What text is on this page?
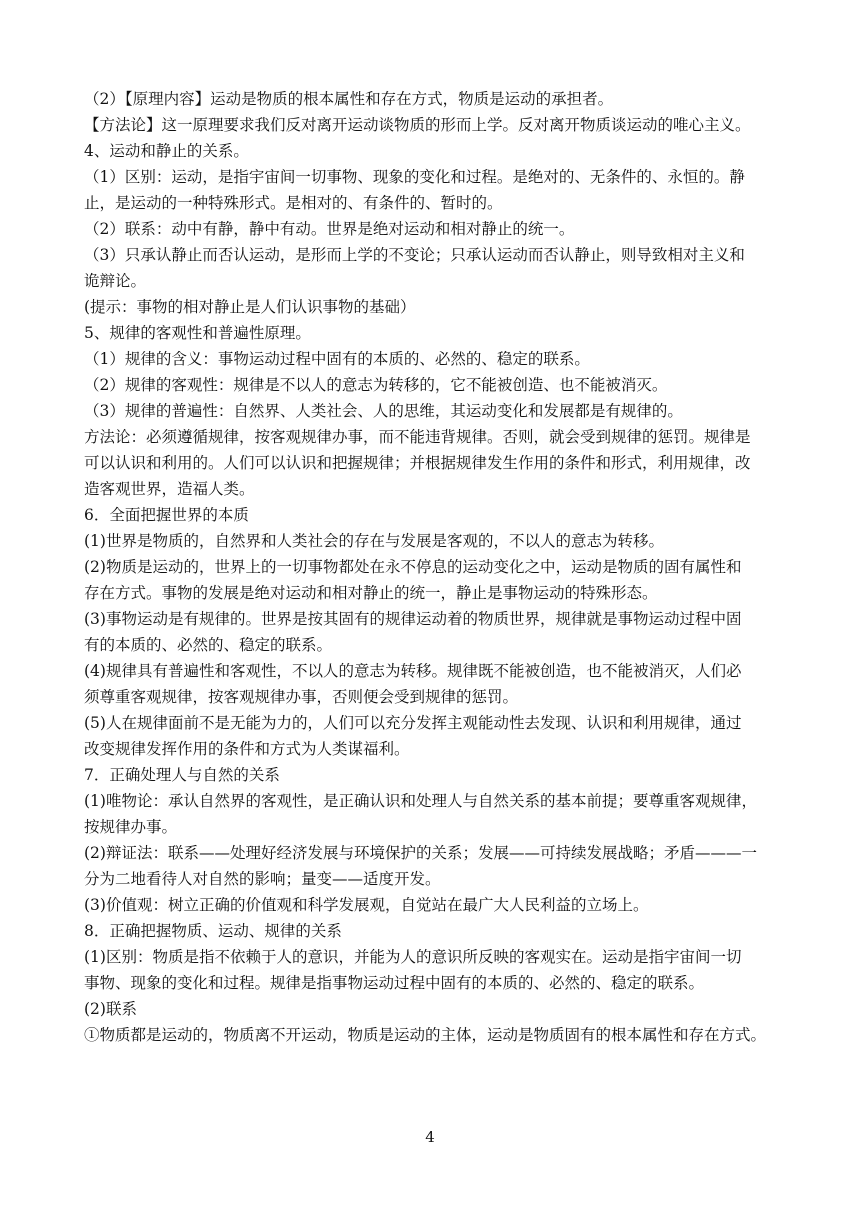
（2）【原理内容】运动是物质的根本属性和存在方式，物质是运动的承担者。
【方法论】这一原理要求我们反对离开运动谈物质的形而上学。反对离开物质谈运动的唯心主义。
4、运动和静止的关系。
（1）区别：运动，是指宇宙间一切事物、现象的变化和过程。是绝对的、无条件的、永恒的。静
止，是运动的一种特殊形式。是相对的、有条件的、暂时的。
（2）联系：动中有静，静中有动。世界是绝对运动和相对静止的统一。
（3）只承认静止而否认运动，是形而上学的不变论；只承认运动而否认静止，则导致相对主义和
诡辩论。
(提示：事物的相对静止是人们认识事物的基础）
5、规律的客观性和普遍性原理。
（1）规律的含义：事物运动过程中固有的本质的、必然的、稳定的联系。
（2）规律的客观性：规律是不以人的意志为转移的，它不能被创造、也不能被消灭。
（3）规律的普遍性：自然界、人类社会、人的思维，其运动变化和发展都是有规律的。
方法论：必须遵循规律，按客观规律办事，而不能违背规律。否则，就会受到规律的惩罚。规律是
可以认识和利用的。人们可以认识和把握规律；并根据规律发生作用的条件和形式，利用规律，改
造客观世界，造福人类。
6．全面把握世界的本质
(1)世界是物质的，自然界和人类社会的存在与发展是客观的，不以人的意志为转移。
(2)物质是运动的，世界上的一切事物都处在永不停息的运动变化之中，运动是物质的固有属性和
存在方式。事物的发展是绝对运动和相对静止的统一，静止是事物运动的特殊形态。
(3)事物运动是有规律的。世界是按其固有的规律运动着的物质世界，规律就是事物运动过程中固
有的本质的、必然的、稳定的联系。
(4)规律具有普遍性和客观性，不以人的意志为转移。规律既不能被创造，也不能被消灭，人们必
须尊重客观规律，按客观规律办事，否则便会受到规律的惩罚。
(5)人在规律面前不是无能为力的，人们可以充分发挥主观能动性去发现、认识和利用规律，通过
改变规律发挥作用的条件和方式为人类谋福利。
7．正确处理人与自然的关系
(1)唯物论：承认自然界的客观性，是正确认识和处理人与自然关系的基本前提；要尊重客观规律，
按规律办事。
(2)辩证法：联系——处理好经济发展与环境保护的关系；发展——可持续发展战略；矛盾———一
分为二地看待人对自然的影响；量变——适度开发。
(3)价值观：树立正确的价值观和科学发展观，自觉站在最广大人民利益的立场上。
8．正确把握物质、运动、规律的关系
(1)区别：物质是指不依赖于人的意识，并能为人的意识所反映的客观实在。运动是指宇宙间一切
事物、现象的变化和过程。规律是指事物运动过程中固有的本质的、必然的、稳定的联系。
(2)联系
①物质都是运动的，物质离不开运动，物质是运动的主体，运动是物质固有的根本属性和存在方式。
4
